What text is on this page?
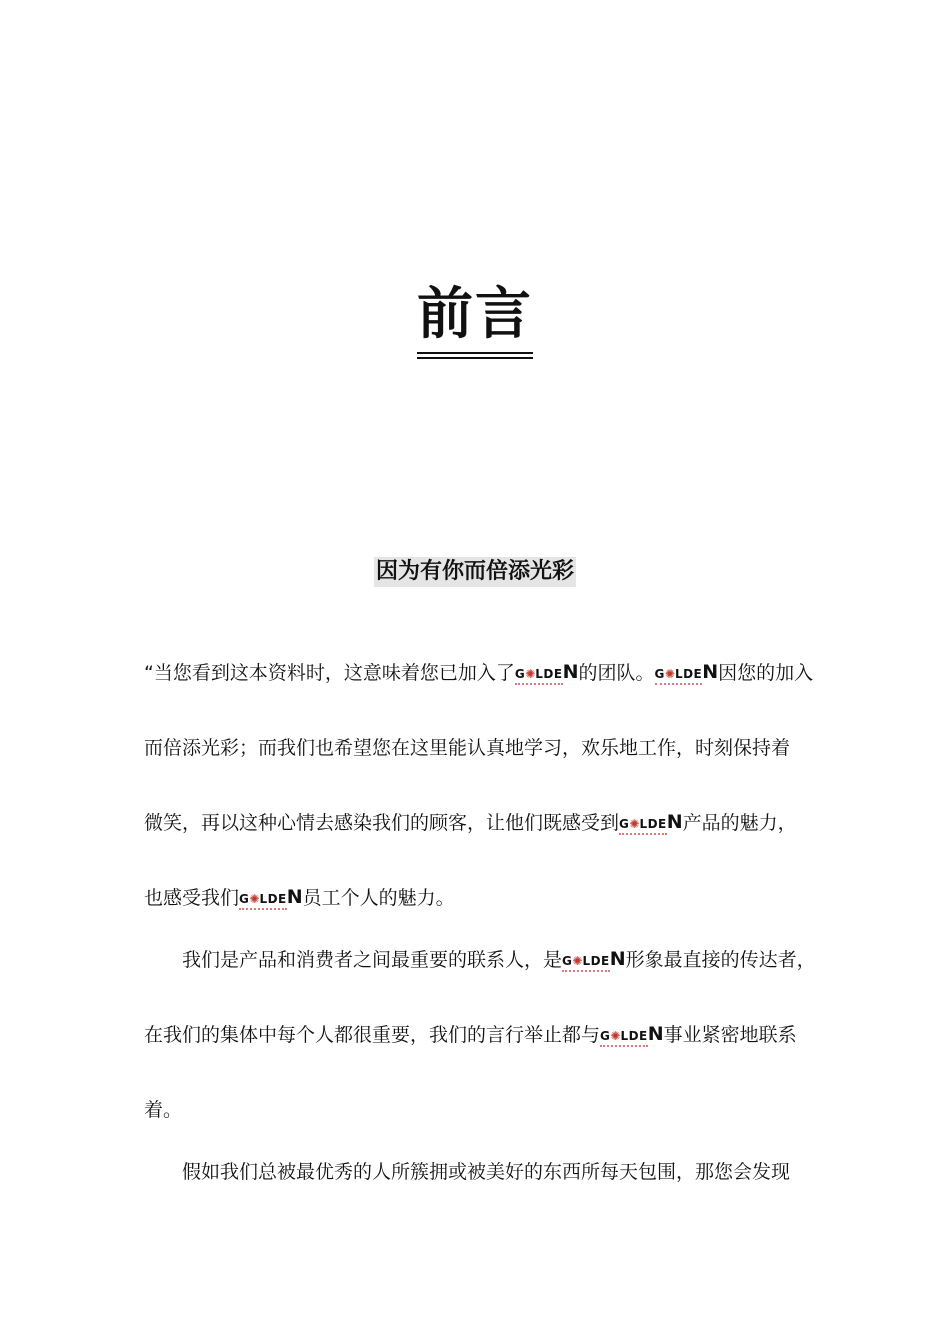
前言
因为有你而倍添光彩

“当您看到这本资料时，这意味着您已加入了G✺LDEN的团队。G✺LDEN因您的加入

而倍添光彩；而我们也希望您在这里能认真地学习，欢乐地工作，时刻保持着

微笑，再以这种心情去感染我们的顾客，让他们既感受到G✺LDEN产品的魅力，

也感受我们G✺LDEN员工个人的魅力。

我们是产品和消费者之间最重要的联系人，是G✺LDEN形象最直接的传达者，

在我们的集体中每个人都很重要，我们的言行举止都与G✺LDEN事业紧密地联系

着。

假如我们总被最优秀的人所簇拥或被美好的东西所每天包围，那您会发现
